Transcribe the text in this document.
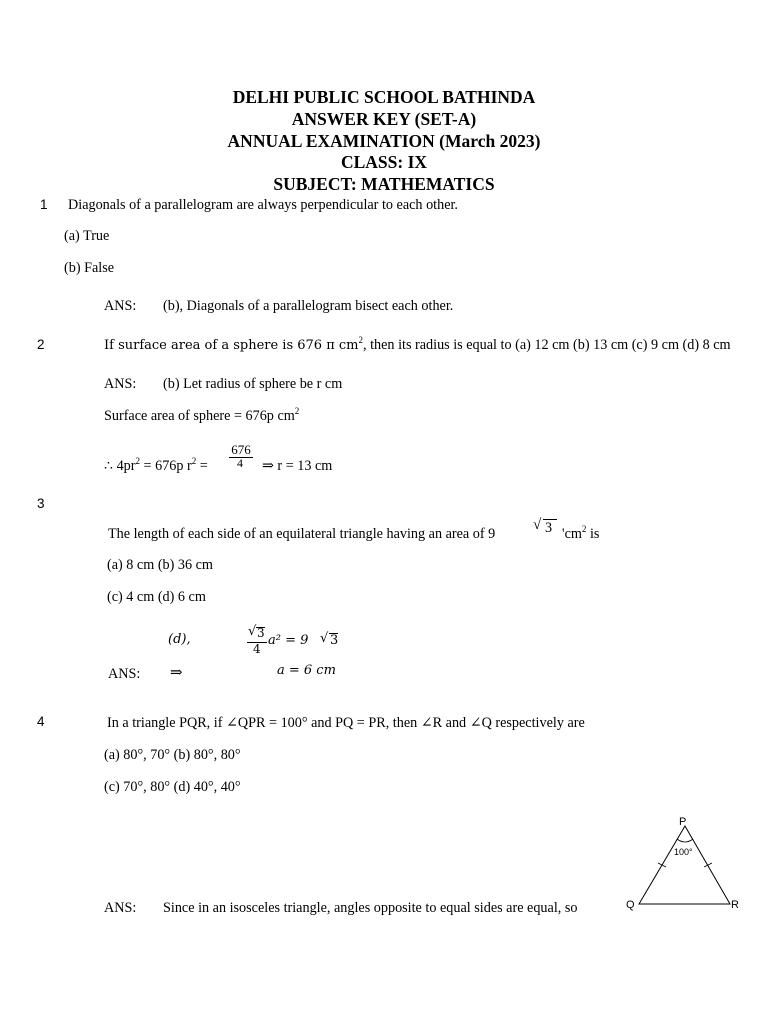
DELHI PUBLIC SCHOOL BATHINDA
ANSWER KEY (SET-A)
ANNUAL EXAMINATION (March 2023)
CLASS: IX
SUBJECT: MATHEMATICS
1 Diagonals of a parallelogram are always perpendicular to each other.
(a) True
(b) False
ANS: (b), Diagonals of a parallelogram bisect each other.
2	If surface area of a sphere is 676 π $cm^2$, then its radius is equal to (a) 12 cm (b) 13 cm (c) 9 cm (d) 8 cm
ANS: (b) Let radius of sphere be r cm
Surface area of sphere = 676p $cm^2$
∴ $4pr^2 = 676p$ $r^2$ =
676
4	⇒ r = 13 cm
3
The length of each side of an equilateral triangle having an area of 9
√ 3 '$cm^2$ is
(a) 8 cm (b) 36 cm
(c) 4 cm (d) 6 cm
(d),
√ 3
4
a² = 9 √ 3
ANS: ⇒	a = 6 cm
4	In a triangle PQR, if ∠QPR = 100° and PQ = PR, then ∠R and ∠Q respectively are
(a) 80°, 70° (b) 80°, 80°
(c) 70°, 80° (d) 40°, 40°
ANS: Since in an isosceles triangle, angles opposite to equal sides are equal, so
P
Q	R
100°
